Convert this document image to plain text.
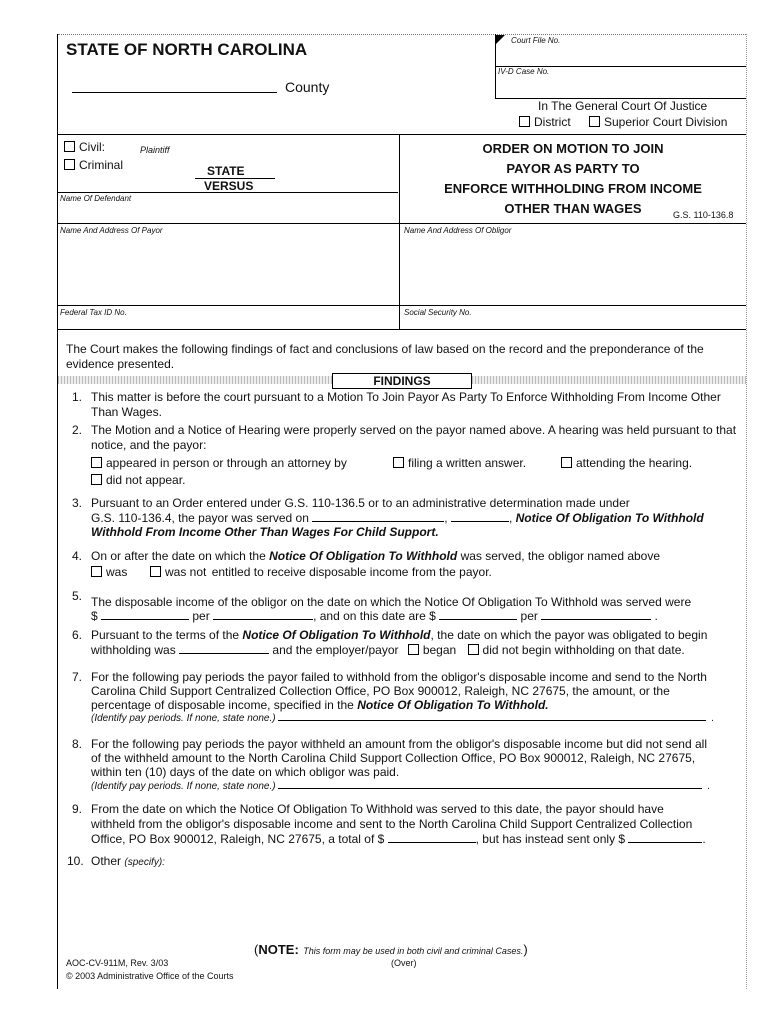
STATE OF NORTH CAROLINA
County
Court File No.
IV-D Case No.
In The General Court Of Justice
District	Superior Court Division
Civil:
Criminal
Plaintiff
STATE
VERSUS
Name Of Defendant
ORDER ON MOTION TO JOIN
PAYOR AS PARTY TO
ENFORCE WITHHOLDING FROM INCOME
OTHER THAN WAGES	G.S. 110-136.8
Name And Address Of Payor	Name And Address Of Obligor
Federal Tax ID No.	Social Security No.
The Court makes the following findings of fact and conclusions of law based on the record and the preponderance of the evidence presented.
FINDINGS
1. This matter is before the court pursuant to a Motion To Join Payor As Party To Enforce Withholding From Income Other Than Wages.
2. The Motion and a Notice of Hearing were properly served on the payor named above. A hearing was held pursuant to that notice, and the payor:
appeared in person or through an attorney by	filing a written answer.	attending the hearing.
did not appear.
3. Pursuant to an Order entered under G.S. 110-136.5 or to an administrative determination made under
G.S. 110-136.4, the payor was served on	,	, Notice Of Obligation To Withhold
Withhold From Income Other Than Wages For Child Support.
4. On or after the date on which the Notice Of Obligation To Withhold was served, the obligor named above
was	was not entitled to receive disposable income from the payor.
5. The disposable income of the obligor on the date on which the Notice Of Obligation To Withhold was served were
$	per	, and on this date are $	per	.
6. Pursuant to the terms of the Notice Of Obligation To Withhold, the date on which the payor was obligated to begin
withholding was	and the employer/payor began did not begin withholding on that date.
7. For the following pay periods the payor failed to withhold from the obligor's disposable income and send to the North
Carolina Child Support Centralized Collection Office, PO Box 900012, Raleigh, NC 27675, the amount, or the
percentage of disposable income, specified in the Notice Of Obligation To Withhold.
(Identify pay periods. If none, state none.)	.
8. For the following pay periods the payor withheld an amount from the obligor's disposable income but did not send all
of the withheld amount to the North Carolina Child Support Collection Office, PO Box 900012, Raleigh, NC 27675,
within ten (10) days of the date on which obligor was paid.
(Identify pay periods. If none, state none.)	.
9. From the date on which the Notice Of Obligation To Withhold was served to this date, the payor should have
withheld from the obligor's disposable income and sent to the North Carolina Child Support Centralized Collection
Office, PO Box 900012, Raleigh, NC 27675, a total of $	, but has instead sent only $	.
10. Other (specify):
(NOTE: This form may be used in both civil and criminal Cases.)
AOC-CV-911M, Rev. 3/03	(Over)
© 2003 Administrative Office of the Courts
